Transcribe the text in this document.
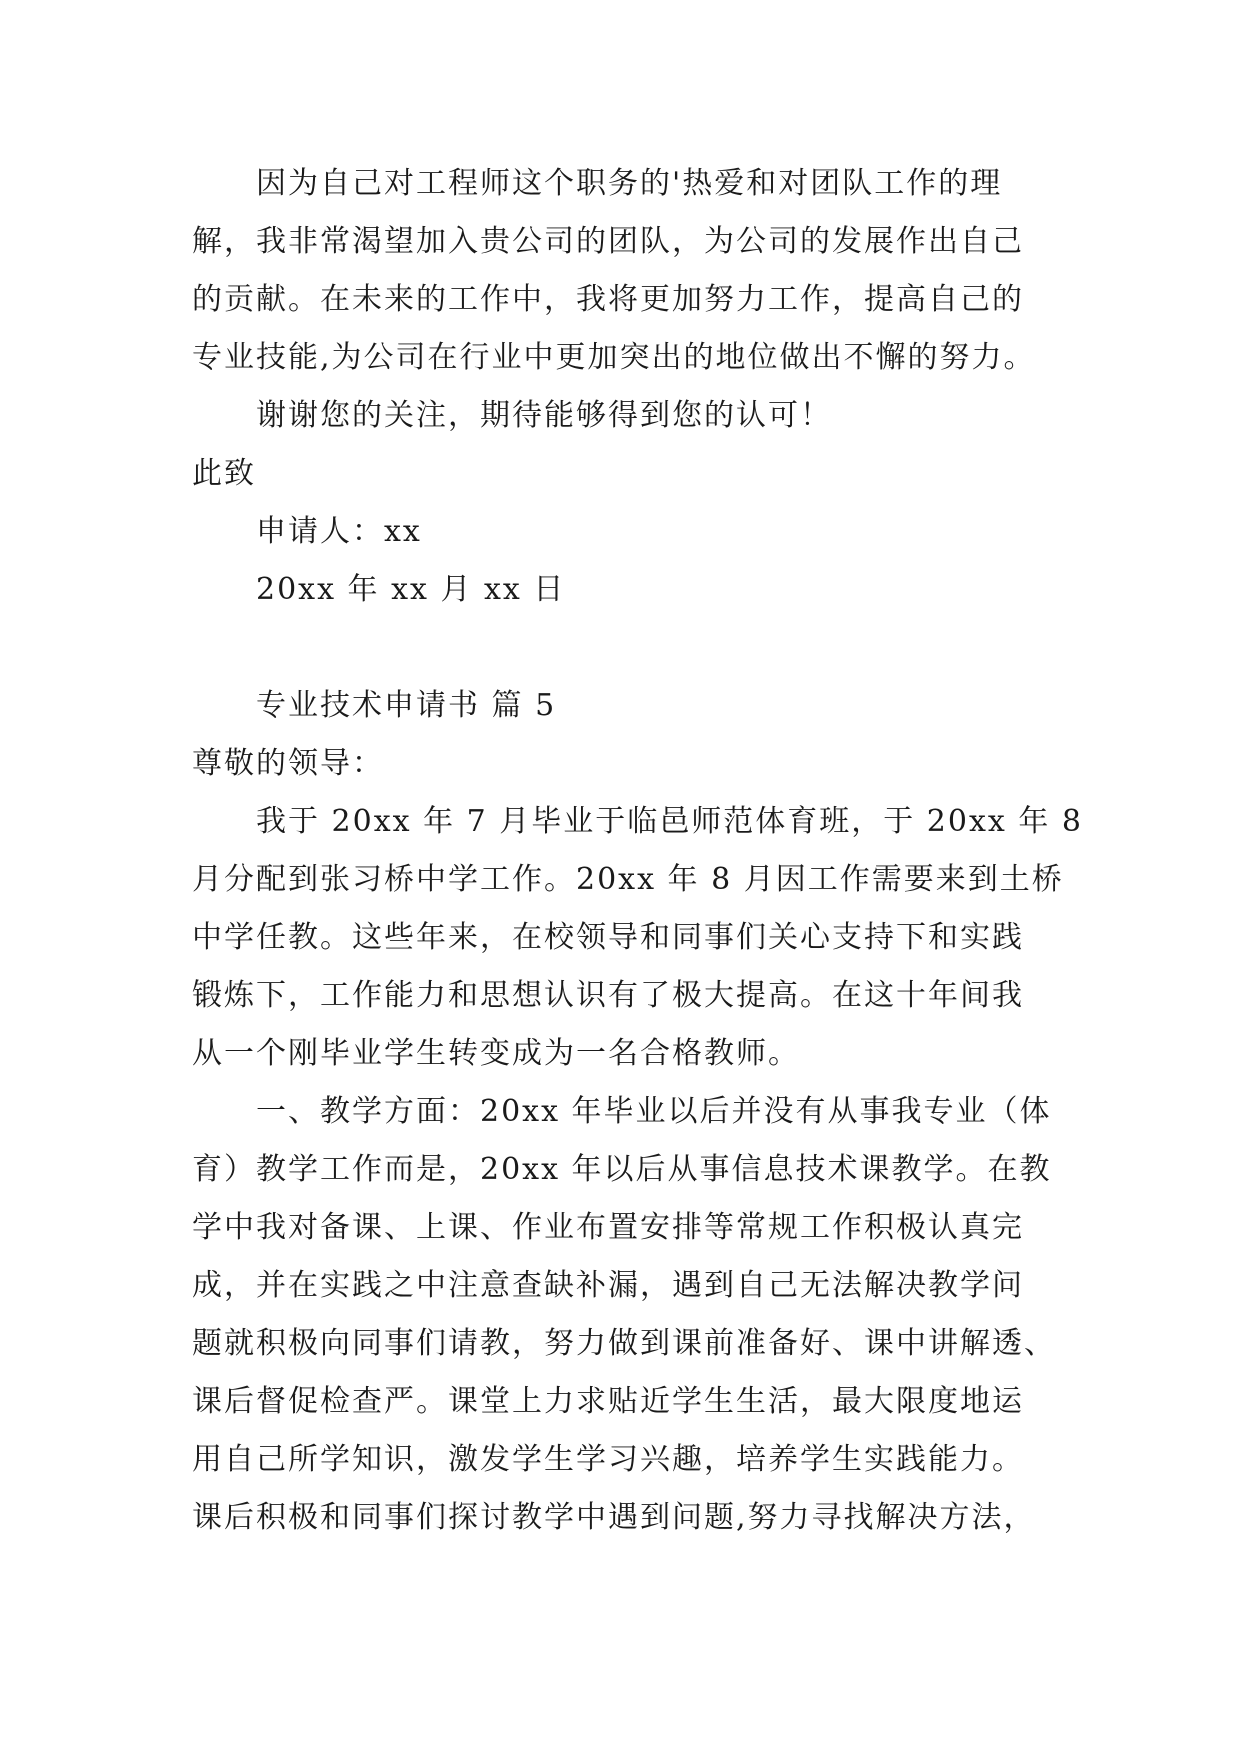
因为自己对工程师这个职务的'热爱和对团队工作的理
解，我非常渴望加入贵公司的团队，为公司的发展作出自己
的贡献。在未来的工作中，我将更加努力工作，提高自己的
专业技能,为公司在行业中更加突出的地位做出不懈的努力。
谢谢您的关注，期待能够得到您的认可！
此致
申请人：xx
20xx 年 xx 月 xx 日
专业技术申请书 篇 5
尊敬的领导：
我于 20xx 年 7 月毕业于临邑师范体育班，于 20xx 年 8
月分配到张习桥中学工作。20xx 年 8 月因工作需要来到土桥
中学任教。这些年来，在校领导和同事们关心支持下和实践
锻炼下，工作能力和思想认识有了极大提高。在这十年间我
从一个刚毕业学生转变成为一名合格教师。
一、教学方面：20xx 年毕业以后并没有从事我专业（体
育）教学工作而是，20xx 年以后从事信息技术课教学。在教
学中我对备课、上课、作业布置安排等常规工作积极认真完
成，并在实践之中注意查缺补漏，遇到自己无法解决教学问
题就积极向同事们请教，努力做到课前准备好、课中讲解透、
课后督促检查严。课堂上力求贴近学生生活，最大限度地运
用自己所学知识，激发学生学习兴趣，培养学生实践能力。
课后积极和同事们探讨教学中遇到问题,努力寻找解决方法，
